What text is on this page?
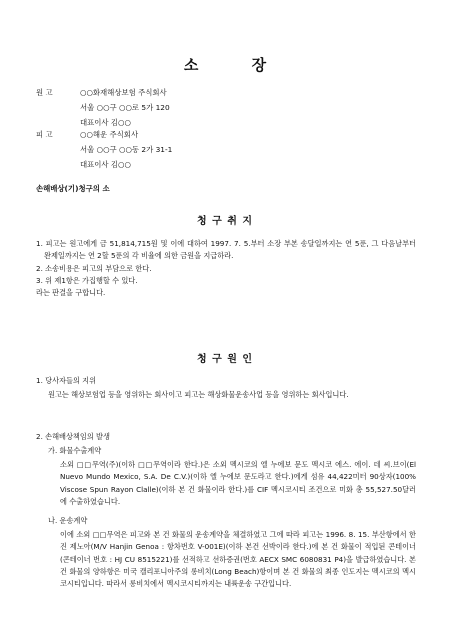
소 장
원 고	○○화재해상보험 주식회사
서울 ○○구 ○○로 5가 120
대표이사 김○○
피 고	○○해운 주식회사
서울 ○○구 ○○동 2가 31-1
대표이사 김○○
손해배상(기)청구의 소
청 구 취 지
1. 피고는 원고에게 금 51,814,715원 및 이에 대하여 1997. 7. 5.부터 소장 부본 송달일까지는 연 5푼, 그 다음날부터 완제일까지는 연 2할 5푼의 각 비율에 의한 금원을 지급하라.
2. 소송비용은 피고의 부담으로 한다.
3. 위 제1항은 가집행할 수 있다.
라는 판결을 구합니다.
청 구 원 인
1. 당사자들의 지위
원고는 해상보험업 등을 영위하는 회사이고 피고는 해상화물운송사업 등을 영위하는 회사입니다.
2. 손해배상책임의 발생
가. 화물수출계약
소외 □□무역(주)(이하 □□무역이라 한다.)은 소외 멕시코의 엘 누에보 문도 멕시코 에스. 에이. 데 씨.브이(El Nuevo Mundo Mexico, S.A. De C.V.)(이하 엘 누에보 문도라고 한다.)에게 섬유 44,422미터 90상자(100% Viscose Spun Rayon Clalle)(이하 본 건 화물이라 한다.)를 CIF 멕시코시티 조건으로 미화 총 55,527.50달러에 수출하였습니다.
나. 운송계약
이에 소외 □□무역은 피고와 본 건 화물의 운송계약을 체결하였고 그에 따라 피고는 1996. 8. 15. 부산항에서 한진 제노아(M/V Hanjin Genoa : 항차번호 V-001E)(이하 본건 선박이라 한다.)에 본 건 화물이 적입된 콘테이너(콘테이너 번호 : HJ CU 8515221)를 선적하고 선하증권(번호 AECX SMC 6080831 P4)을 발급하였습니다. 본건 화물의 양하항은 미국 캘리포니아주의 롱비치(Long Beach)항이며 본 건 화물의 최종 인도지는 멕시코의 멕시코시티입니다. 따라서 롱비치에서 멕시코시티까지는 내륙운송 구간입니다.
